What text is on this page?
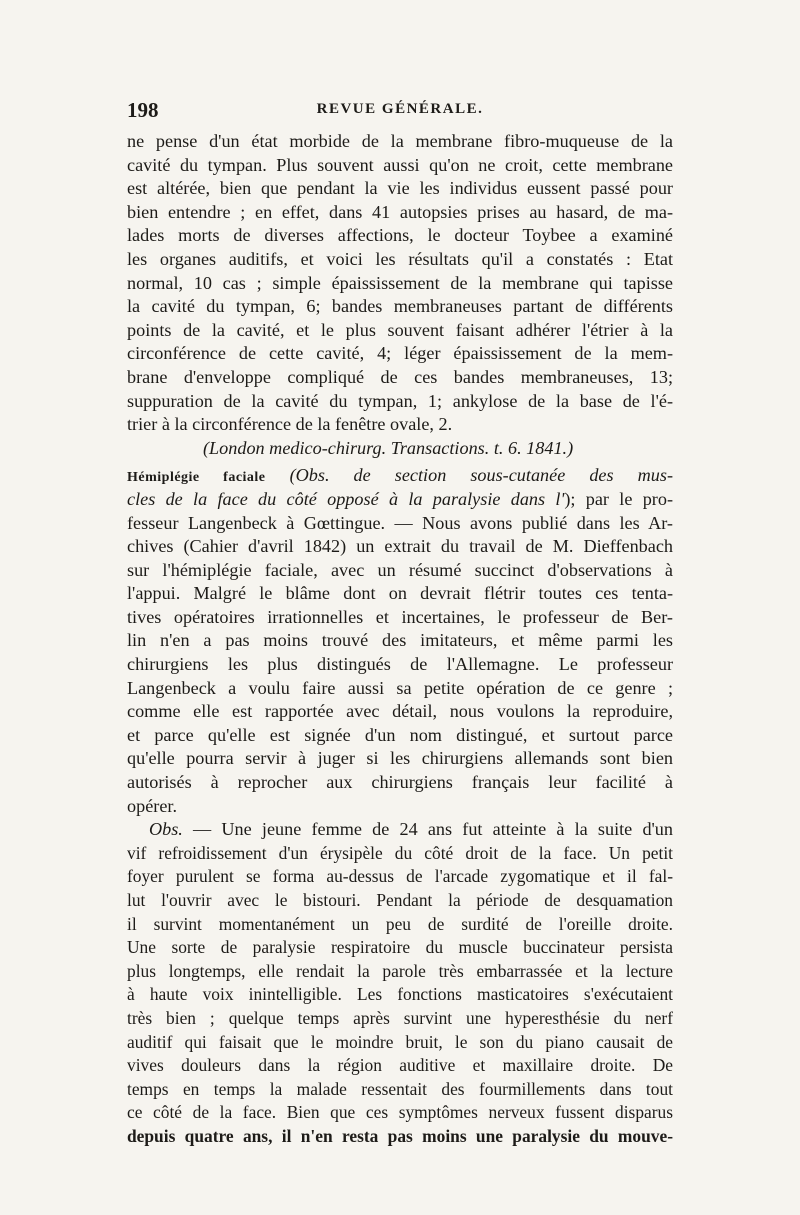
198	REVUE GÉNÉRALE.
ne pense d'un état morbide de la membrane fibro-muqueuse de la
cavité du tympan. Plus souvent aussi qu'on ne croit, cette membrane
est altérée, bien que pendant la vie les individus eussent passé pour
bien entendre ; en effet, dans 41 autopsies prises au hasard, de ma-
lades morts de diverses affections, le docteur Toybee a examiné
les organes auditifs, et voici les résultats qu'il a constatés : Etat
normal, 10 cas ; simple épaississement de la membrane qui tapisse
la cavité du tympan, 6; bandes membraneuses partant de différents
points de la cavité, et le plus souvent faisant adhérer l'étrier à la
circonférence de cette cavité, 4; léger épaississement de la mem-
brane d'enveloppe compliqué de ces bandes membraneuses, 13;
suppuration de la cavité du tympan, 1; ankylose de la base de l'é-
trier à la circonférence de la fenêtre ovale, 2.
(London medico-chirurg. Transactions. t. 6. 1841.)
Hémiplégie faciale (Obs. de section sous-cutanée des mus-
cles de la face du côté opposé à la paralysie dans l'); par le pro-
fesseur Langenbeck à Gœttingue. — Nous avons publié dans les Ar-
chives (Cahier d'avril 1842) un extrait du travail de M. Dieffenbach
sur l'hémiplégie faciale, avec un résumé succinct d'observations à
l'appui. Malgré le blâme dont on devrait flétrir toutes ces tenta-
tives opératoires irrationnelles et incertaines, le professeur de Ber-
lin n'en a pas moins trouvé des imitateurs, et même parmi les
chirurgiens les plus distingués de l'Allemagne. Le professeur
Langenbeck a voulu faire aussi sa petite opération de ce genre ;
comme elle est rapportée avec détail, nous voulons la reproduire,
et parce qu'elle est signée d'un nom distingué, et surtout parce
qu'elle pourra servir à juger si les chirurgiens allemands sont bien
autorisés à reprocher aux chirurgiens français leur facilité à
opérer.
Obs. — Une jeune femme de 24 ans fut atteinte à la suite d'un
vif refroidissement d'un érysipèle du côté droit de la face. Un petit
foyer purulent se forma au-dessus de l'arcade zygomatique et il fal-
lut l'ouvrir avec le bistouri. Pendant la période de desquamation
il survint momentanément un peu de surdité de l'oreille droite.
Une sorte de paralysie respiratoire du muscle buccinateur persista
plus longtemps, elle rendait la parole très embarrassée et la lecture
à haute voix inintelligible. Les fonctions masticatoires s'exécutaient
très bien ; quelque temps après survint une hyperesthésie du nerf
auditif qui faisait que le moindre bruit, le son du piano causait de
vives douleurs dans la région auditive et maxillaire droite. De
temps en temps la malade ressentait des fourmillements dans tout
ce côté de la face. Bien que ces symptômes nerveux fussent disparus
depuis quatre ans, il n'en resta pas moins une paralysie du mouve-
